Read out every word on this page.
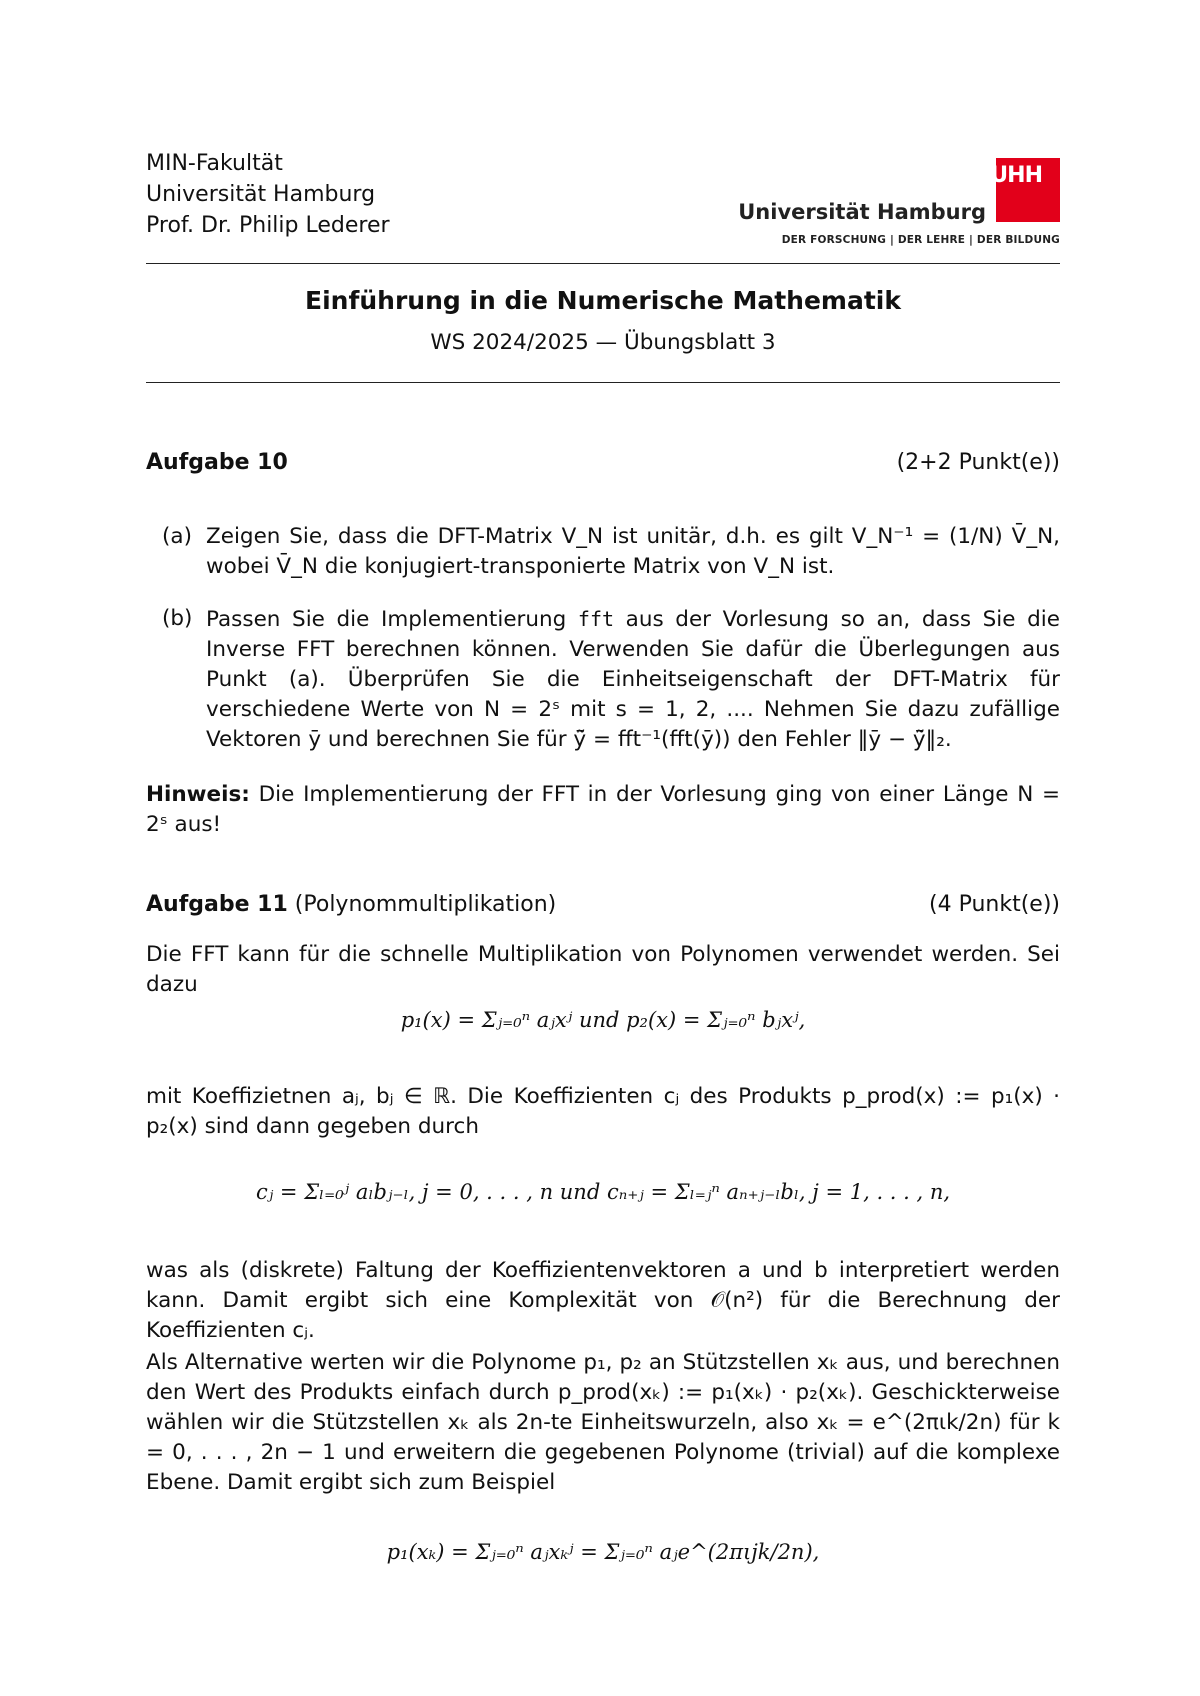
MIN-Fakultät
Universität Hamburg
Prof. Dr. Philip Lederer
UHH
Universität Hamburg
DER FORSCHUNG | DER LEHRE | DER BILDUNG
Einführung in die Numerische Mathematik
WS 2024/2025 — Übungsblatt 3
Aufgabe 10	(2+2 Punkt(e))
(a) Zeigen Sie, dass die DFT-Matrix V_N ist unitär, d.h. es gilt V_N⁻¹ = (1/N) V̄_N, wobei V̄_N die konjugiert-transponierte Matrix von V_N ist.
(b) Passen Sie die Implementierung fft aus der Vorlesung so an, dass Sie die Inverse FFT berechnen können. Verwenden Sie dafür die Überlegungen aus Punkt (a). Überprüfen Sie die Einheitseigenschaft der DFT-Matrix für verschiedene Werte von N = 2ˢ mit s = 1, 2, .... Nehmen Sie dazu zufällige Vektoren ȳ und berechnen Sie für ȳ̃ = fft⁻¹(fft(ȳ)) den Fehler ‖ȳ − ȳ̃‖₂.
Hinweis: Die Implementierung der FFT in der Vorlesung ging von einer Länge N = 2ˢ aus!
Aufgabe 11 (Polynommultiplikation)	(4 Punkt(e))
Die FFT kann für die schnelle Multiplikation von Polynomen verwendet werden. Sei dazu
p₁(x) = Σⱼ₌₀ⁿ aⱼxʲ und p₂(x) = Σⱼ₌₀ⁿ bⱼxʲ,
mit Koeffizietnen aⱼ, bⱼ ∈ ℝ. Die Koeffizienten cⱼ des Produkts p_prod(x) := p₁(x) · p₂(x) sind dann gegeben durch
cⱼ = Σₗ₌₀ʲ aₗbⱼ₋ₗ, j = 0, . . . , n und cₙ₊ⱼ = Σₗ₌ⱼⁿ aₙ₊ⱼ₋ₗbₗ, j = 1, . . . , n,
was als (diskrete) Faltung der Koeffizientenvektoren a und b interpretiert werden kann. Damit ergibt sich eine Komplexität von 𝒪(n²) für die Berechnung der Koeffizienten cⱼ.
Als Alternative werten wir die Polynome p₁, p₂ an Stützstellen xₖ aus, und berechnen den Wert des Produkts einfach durch p_prod(xₖ) := p₁(xₖ) · p₂(xₖ). Geschickterweise wählen wir die Stützstellen xₖ als 2n-te Einheitswurzeln, also xₖ = e^(2πιk/2n) für k = 0, . . . , 2n − 1 und erweitern die gegebenen Polynome (trivial) auf die komplexe Ebene. Damit ergibt sich zum Beispiel
p₁(xₖ) = Σⱼ₌₀ⁿ aⱼxₖʲ = Σⱼ₌₀ⁿ aⱼe^(2πιjk/2n),
